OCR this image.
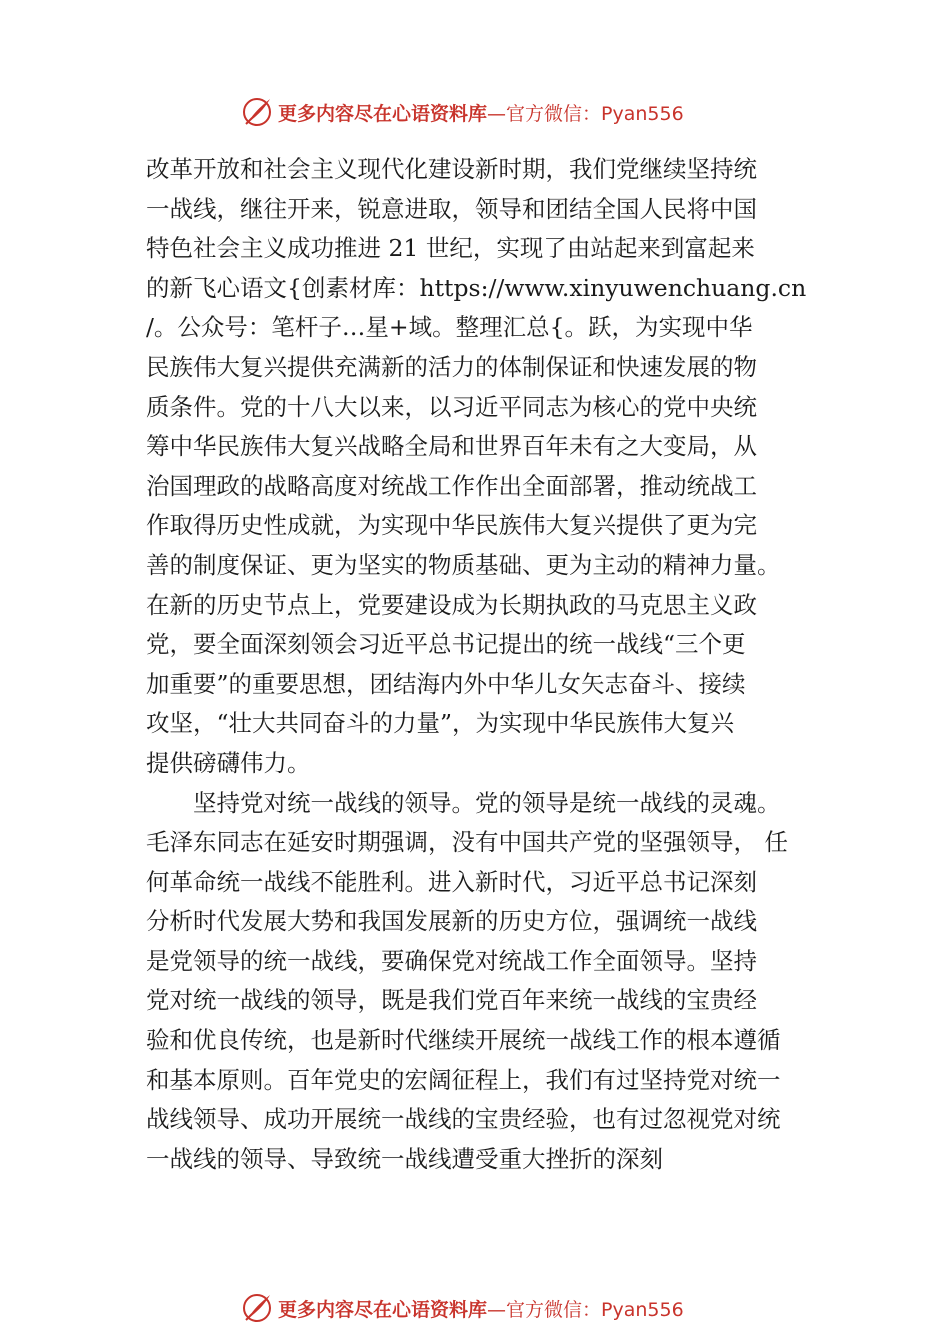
更多内容尽在心语资料库 —官方微信：Pyan556
改革开放和社会主义现代化建设新时期，我们党继续坚持统
一战线，继往开来，锐意进取，领导和团结全国人民将中国
特色社会主义成功推进 21 世纪，实现了由站起来到富起来
的新飞心语文{创素材库：https://www.xinyuwenchuang.cn
/。公众号：笔杆子…星+域。整理汇总{。跃，为实现中华
民族伟大复兴提供充满新的活力的体制保证和快速发展的物
质条件。党的十八大以来，以习近平同志为核心的党中央统
筹中华民族伟大复兴战略全局和世界百年未有之大变局，从
治国理政的战略高度对统战工作作出全面部署，推动统战工
作取得历史性成就，为实现中华民族伟大复兴提供了更为完
善的制度保证、更为坚实的物质基础、更为主动的精神力量。
在新的历史节点上，党要建设成为长期执政的马克思主义政
党，要全面深刻领会习近平总书记提出的统一战线“三个更
加重要”的重要思想，团结海内外中华儿女矢志奋斗、接续
攻坚，“壮大共同奋斗的力量”，为实现中华民族伟大复兴
提供磅礴伟力。
坚持党对统一战线的领导。党的领导是统一战线的灵魂。
毛泽东同志在延安时期强调，没有中国共产党的坚强领导， 任
何革命统一战线不能胜利。进入新时代，习近平总书记深刻
分析时代发展大势和我国发展新的历史方位，强调统一战线
是党领导的统一战线，要确保党对统战工作全面领导。坚持
党对统一战线的领导，既是我们党百年来统一战线的宝贵经
验和优良传统，也是新时代继续开展统一战线工作的根本遵循
和基本原则。百年党史的宏阔征程上，我们有过坚持党对统一
战线领导、成功开展统一战线的宝贵经验，也有过忽视党对统
一战线的领导、导致统一战线遭受重大挫折的深刻
更多内容尽在心语资料库 —官方微信：Pyan556
